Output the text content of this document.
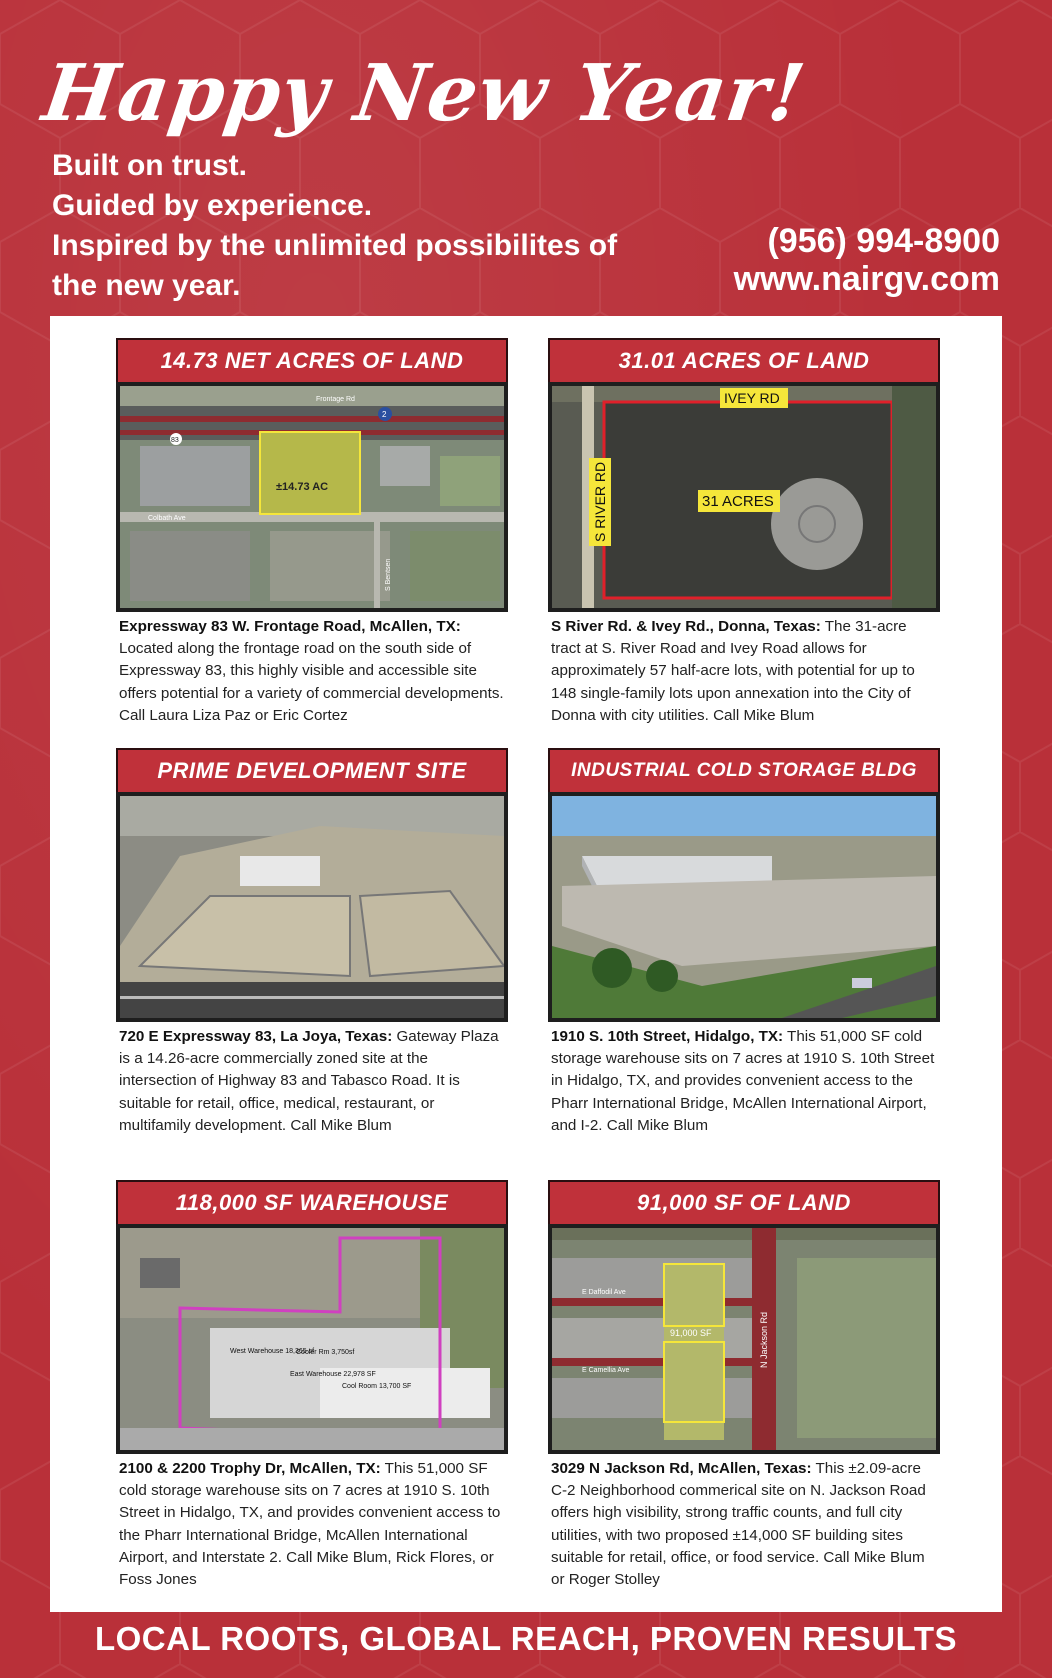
Happy New Year!
Built on trust.
Guided by experience.
Inspired by the unlimited possibilites of
the new year.
(956) 994-8900
www.nairgv.com
14.73 NET ACRES OF LAND
Frontage Rd
2
83
±14.73 AC
Colbath Ave
S Bentsen
Expressway 83 W. Frontage Road, McAllen, TX: Located along the frontage road on the south side of Expressway 83, this highly visible and accessible site offers potential for a variety of commercial developments. Call Laura Liza Paz or Eric Cortez
31.01 ACRES OF LAND
IVEY RD
31 ACRES
S RIVER RD
S River Rd. & Ivey Rd., Donna, Texas: The 31-acre tract at S. River Road and Ivey Road allows for approximately 57 half-acre lots, with potential for up to 148 single-family lots upon annexation into the City of Donna with city utilities. Call Mike Blum
PRIME DEVELOPMENT SITE
720 E Expressway 83, La Joya, Texas: Gateway Plaza is a 14.26-acre commercially zoned site at the intersection of Highway 83 and Tabasco Road. It is suitable for retail, office, medical, restaurant, or multifamily development. Call Mike Blum
INDUSTRIAL COLD STORAGE BLDG
1910 S. 10th Street, Hidalgo, TX: This 51,000 SF cold storage warehouse sits on 7 acres at 1910 S. 10th Street in Hidalgo, TX, and provides convenient access to the Pharr International Bridge, McAllen International Airport, and I-2. Call Mike Blum
118,000 SF WAREHOUSE
West Warehouse 18,365 sf
East Warehouse 22,978 SF
Cooler Rm 3,750sf
Cool Room 13,700 SF
2100 & 2200 Trophy Dr, McAllen, TX: This 51,000 SF cold storage warehouse sits on 7 acres at 1910 S. 10th Street in Hidalgo, TX, and provides convenient access to the Pharr International Bridge, McAllen International Airport, and Interstate 2. Call Mike Blum, Rick Flores, or Foss Jones
91,000 SF OF LAND
E Daffodil Ave
E Camellia Ave
91,000 SF	N Jackson Rd
3029 N Jackson Rd, McAllen, Texas: This ±2.09-acre C-2 Neighborhood commerical site on N. Jackson Road offers high visibility, strong traffic counts, and full city utilities, with two proposed ±14,000 SF building sites suitable for retail, office, or food service. Call Mike Blum or Roger Stolley
LOCAL ROOTS, GLOBAL REACH, PROVEN RESULTS
